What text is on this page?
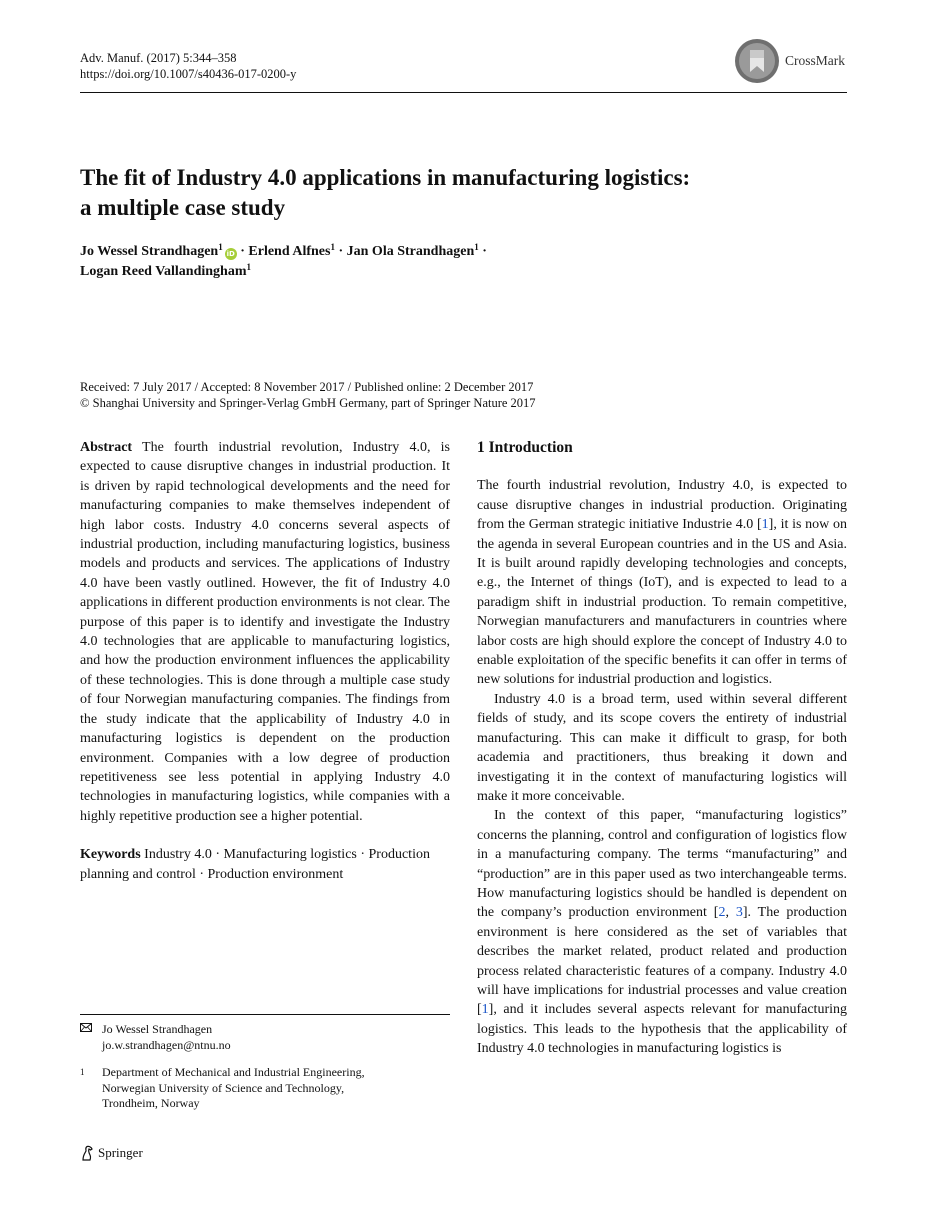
Adv. Manuf. (2017) 5:344–358
https://doi.org/10.1007/s40436-017-0200-y
CrossMark
The fit of Industry 4.0 applications in manufacturing logistics:
a multiple case study
Jo Wessel Strandhagen$^1$iD · Erlend Alfnes$^1$ · Jan Ola Strandhagen$^1$ ·
Logan Reed Vallandingham$^1$
Received: 7 July 2017 / Accepted: 8 November 2017 / Published online: 2 December 2017
© Shanghai University and Springer-Verlag GmbH Germany, part of Springer Nature 2017

Abstract The fourth industrial revolution, Industry 4.0, is expected to cause disruptive changes in industrial production. It is driven by rapid technological developments and the need for manufacturing companies to make themselves independent of high labor costs. Industry 4.0 concerns several aspects of industrial production, including manufacturing logistics, business models and products and services. The applications of Industry 4.0 have been vastly outlined. However, the fit of Industry 4.0 applications in different production environments is not clear. The purpose of this paper is to identify and investigate the Industry 4.0 technologies that are applicable to manufacturing logistics, and how the production environment influences the applicability of these technologies. This is done through a multiple case study of four Norwegian manufacturing companies. The findings from the study indicate that the applicability of Industry 4.0 in manufacturing logistics is dependent on the production environment. Companies with a low degree of production repetitiveness see less potential in applying Industry 4.0 technologies in manufacturing logistics, while companies with a highly repetitive production see a higher potential.

Keywords Industry 4.0 · Manufacturing logistics · Production planning and control · Production environment

Jo Wessel Strandhagen
jo.w.strandhagen@ntnu.no
1	Department of Mechanical and Industrial Engineering,
Norwegian University of Science and Technology,
Trondheim, Norway
Springer
1 Introduction

The fourth industrial revolution, Industry 4.0, is expected to cause disruptive changes in industrial production. Originating from the German strategic initiative Industrie 4.0 [1], it is now on the agenda in several European countries and in the US and Asia. It is built around rapidly developing technologies and concepts, e.g., the Internet of things (IoT), and is expected to lead to a paradigm shift in industrial production. To remain competitive, Norwegian manufacturers and manufacturers in countries where labor costs are high should explore the concept of Industry 4.0 to enable exploitation of the specific benefits it can offer in terms of new solutions for industrial production and logistics.

Industry 4.0 is a broad term, used within several different fields of study, and its scope covers the entirety of industrial manufacturing. This can make it difficult to grasp, for both academia and practitioners, thus breaking it down and investigating it in the context of manufacturing logistics will make it more conceivable.

In the context of this paper, “manufacturing logistics” concerns the planning, control and configuration of logistics flow in a manufacturing company. The terms “manufacturing” and “production” are in this paper used as two interchangeable terms. How manufacturing logistics should be handled is dependent on the company’s production environment [2, 3]. The production environment is here considered as the set of variables that describes the market related, product related and production process related characteristic features of a company. Industry 4.0 will have implications for industrial processes and value creation [1], and it includes several aspects relevant for manufacturing logistics. This leads to the hypothesis that the applicability of Industry 4.0 technologies in manufacturing logistics is
